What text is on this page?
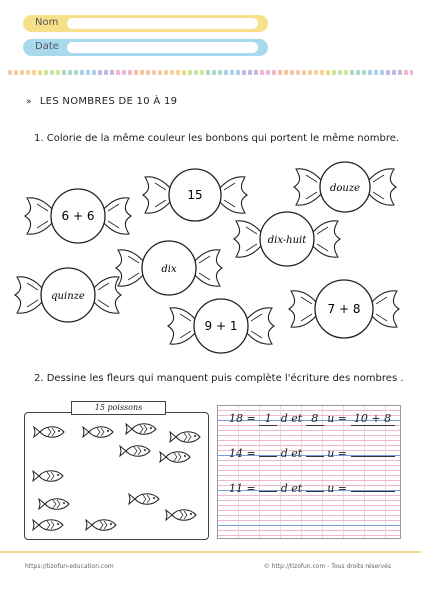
Nom
Date
» LES NOMBRES DE 10 À 19
1. Colorie de la même couleur les bonbons qui portent le même nombre.
6 + 6
15	douze
dix-huit
dix
quinze
9 + 1
7 + 8
2. Dessine les fleurs qui manquent puis complète l'écriture des nombres .
15 poissons
18 = 1 d et 8 u = 10 + 8
14 =  d et u =
11 =  d et u =
https://tizofun-education.com	© http://tizofun.com - Tous droits réservés
